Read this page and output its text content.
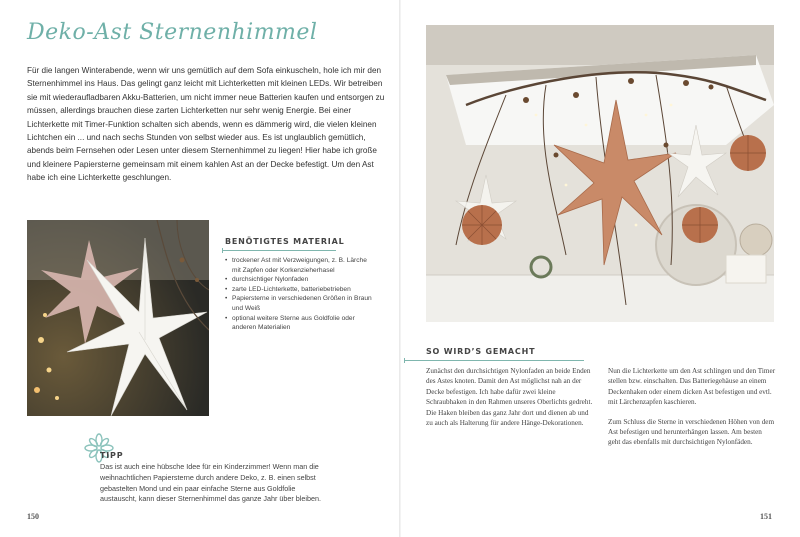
Deko-Ast Sternenhimmel

Für die langen Winterabende, wenn wir uns gemütlich auf dem Sofa einkuscheln, hole ich mir den Sternenhimmel ins Haus. Das gelingt ganz leicht mit Lichterketten mit kleinen LEDs. Wir betreiben sie mit wiederaufladbaren Akku-Batterien, um nicht immer neue Batterien kaufen und entsorgen zu müssen, allerdings brauchen diese zarten Lichterketten nur sehr wenig Energie. Bei einer Lichterkette mit Timer-Funktion schalten sich abends, wenn es dämmerig wird, die vielen kleinen Lichtchen ein ... und nach sechs Stunden von selbst wieder aus. Es ist unglaublich gemütlich, abends beim Fernsehen oder Lesen unter diesem Sternenhimmel zu liegen! Hier habe ich große und kleinere Papiersterne gemeinsam mit einem kahlen Ast an der Decke befestigt. Um den Ast habe ich eine Lichterkette geschlungen.

BENÖTIGTES MATERIAL
• trockener Ast mit Verzweigungen, z. B. Lärche mit Zapfen oder Korkenzieherhasel
• durchsichtiger Nylonfaden
• zarte LED-Lichterkette, batteriebetrieben
• Papiersterne in verschiedenen Größen in Braun und Weiß
• optional weitere Sterne aus Goldfolie oder anderen Materialien
TIPP

Das ist auch eine hübsche Idee für ein Kinderzimmer! Wenn man die weihnachtlichen Papiersterne durch andere Deko, z. B. einen selbst gebastelten Mond und ein paar einfache Sterne aus Goldfolie austauscht, kann dieser Sternenhimmel das ganze Jahr über bleiben.

150
SO WIRD’S GEMACHT

Zunächst den durchsichtigen Nylonfaden an beide Enden des Astes knoten. Damit den Ast möglichst nah an der Decke befestigen. Ich habe dafür zwei kleine Schraubhaken in den Rahmen unseres Oberlichts gedreht. Die Haken bleiben das ganz Jahr dort und dienen ab und zu auch als Halterung für andere Hänge-Dekorationen.

Nun die Lichterkette um den Ast schlingen und den Timer stellen bzw. einschalten. Das Batteriegehäuse an einem Deckenhaken oder einem dicken Ast befestigen und evtl. mit Lärchenzapfen kaschieren.

Zum Schluss die Sterne in verschiedenen Höhen von dem Ast befestigen und herunterhängen lassen. Am besten geht das ebenfalls mit durchsichtigen Nylonfäden.

151
